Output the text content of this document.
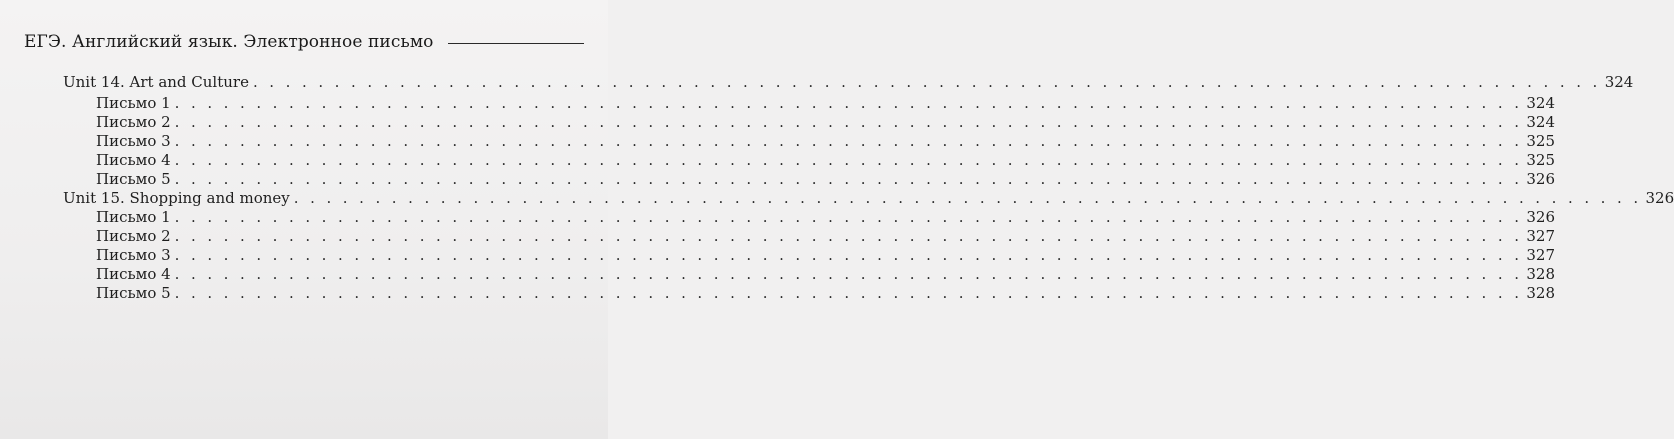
ЕГЭ. Английский язык. Электронное письмо
Unit 14. Art and Culture . . . . . . . . . . . . . . . . . . . . . . . . . . . . . . . . . . . . . . . . . . . . . . . . . . . . . . . . . . . . . . . . . . . . . . . . . . . . . . . . . . . 324
Письмо 1 . . . . . . . . . . . . . . . . . . . . . . . . . . . . . . . . . . . . . . . . . . . . . . . . . . . . . . . . . . . . . . . . . . . . . . . . . . . . . . . . . . . 324
Письмо 2 . . . . . . . . . . . . . . . . . . . . . . . . . . . . . . . . . . . . . . . . . . . . . . . . . . . . . . . . . . . . . . . . . . . . . . . . . . . . . . . . . . . 324
Письмо 3 . . . . . . . . . . . . . . . . . . . . . . . . . . . . . . . . . . . . . . . . . . . . . . . . . . . . . . . . . . . . . . . . . . . . . . . . . . . . . . . . . . . 325
Письмо 4 . . . . . . . . . . . . . . . . . . . . . . . . . . . . . . . . . . . . . . . . . . . . . . . . . . . . . . . . . . . . . . . . . . . . . . . . . . . . . . . . . . . 325
Письмо 5 . . . . . . . . . . . . . . . . . . . . . . . . . . . . . . . . . . . . . . . . . . . . . . . . . . . . . . . . . . . . . . . . . . . . . . . . . . . . . . . . . . . 326
Unit 15. Shopping and money . . . . . . . . . . . . . . . . . . . . . . . . . . . . . . . . . . . . . . . . . . . . . . . . . . . . . . . . . . . . . . . . . . . . . . . . . . . . . . . . . . . 326
Письмо 1 . . . . . . . . . . . . . . . . . . . . . . . . . . . . . . . . . . . . . . . . . . . . . . . . . . . . . . . . . . . . . . . . . . . . . . . . . . . . . . . . . . . 326
Письмо 2 . . . . . . . . . . . . . . . . . . . . . . . . . . . . . . . . . . . . . . . . . . . . . . . . . . . . . . . . . . . . . . . . . . . . . . . . . . . . . . . . . . . 327
Письмо 3 . . . . . . . . . . . . . . . . . . . . . . . . . . . . . . . . . . . . . . . . . . . . . . . . . . . . . . . . . . . . . . . . . . . . . . . . . . . . . . . . . . . 327
Письмо 4 . . . . . . . . . . . . . . . . . . . . . . . . . . . . . . . . . . . . . . . . . . . . . . . . . . . . . . . . . . . . . . . . . . . . . . . . . . . . . . . . . . . 328
Письмо 5 . . . . . . . . . . . . . . . . . . . . . . . . . . . . . . . . . . . . . . . . . . . . . . . . . . . . . . . . . . . . . . . . . . . . . . . . . . . . . . . . . . . 328
